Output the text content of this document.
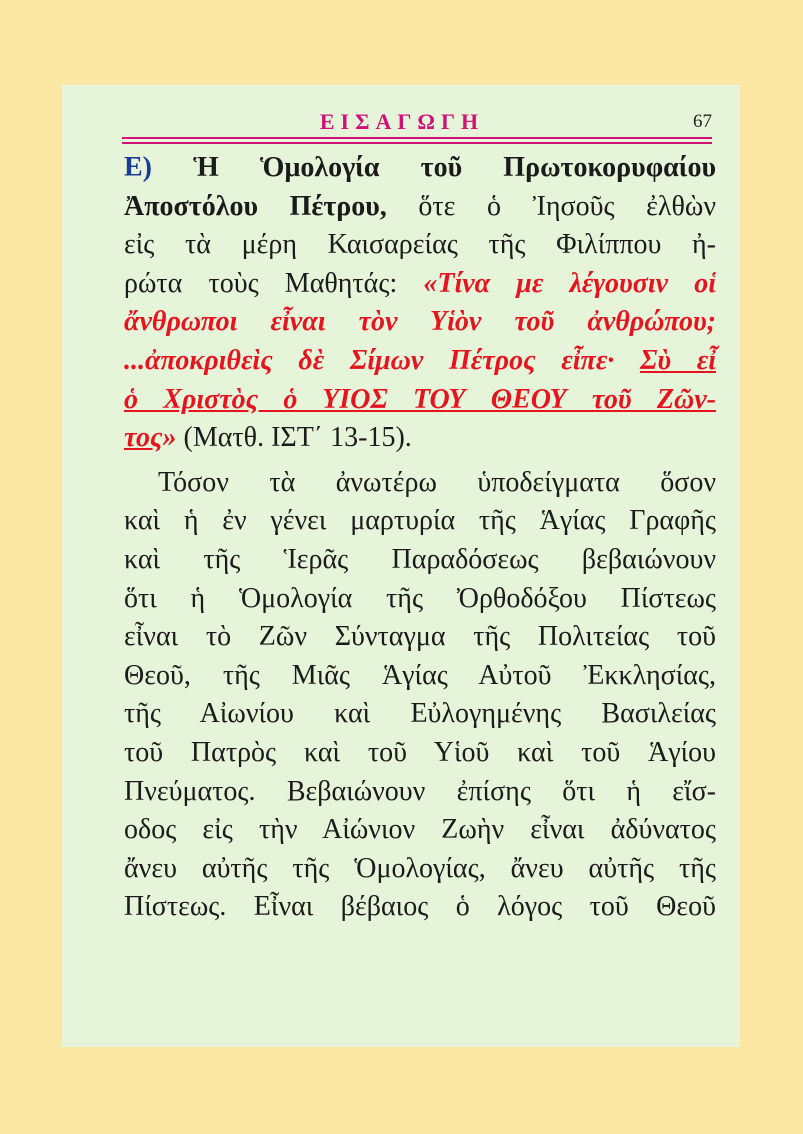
ΕΙΣΑΓΩΓΗ	67
Ε) Ἡ Ὁμολογία τοῦ Πρωτοκορυφαίου
Ἀποστόλου Πέτρου, ὅτε ὁ Ἰησοῦς ἐλθὼν
εἰς τὰ μέρη Καισαρείας τῆς Φιλίππου ἠ-
ρώτα τοὺς Μαθητάς: «Τίνα με λέγουσιν οἱ
ἄνθρωποι εἶναι τὸν Υἱὸν τοῦ ἀνθρώπου;
...ἀποκριθεὶς δὲ Σίμων Πέτρος εἶπε· Σὺ εἶ
ὁ Χριστὸς ὁ ΥΙΟΣ ΤΟΥ ΘΕΟΥ τοῦ Ζῶν-
τος» (Ματθ. ΙΣΤ΄ 13-15).
Τόσον τὰ ἀνωτέρω ὑποδείγματα ὅσον
καὶ ἡ ἐν γένει μαρτυρία τῆς Ἁγίας Γραφῆς
καὶ τῆς Ἱερᾶς Παραδόσεως βεβαιώνουν
ὅτι ἡ Ὁμολογία τῆς Ὀρθοδόξου Πίστεως
εἶναι τὸ Ζῶν Σύνταγμα τῆς Πολιτείας τοῦ
Θεοῦ, τῆς Μιᾶς Ἁγίας Αὐτοῦ Ἐκκλησίας,
τῆς Αἰωνίου καὶ Εὐλογημένης Βασιλείας
τοῦ Πατρὸς καὶ τοῦ Υἱοῦ καὶ τοῦ Ἁγίου
Πνεύματος. Βεβαιώνουν ἐπίσης ὅτι ἡ εἴσ-
οδος εἰς τὴν Αἰώνιον Ζωὴν εἶναι ἀδύνατος
ἄνευ αὐτῆς τῆς Ὁμολογίας, ἄνευ αὐτῆς τῆς
Πίστεως. Εἶναι βέβαιος ὁ λόγος τοῦ Θεοῦ
